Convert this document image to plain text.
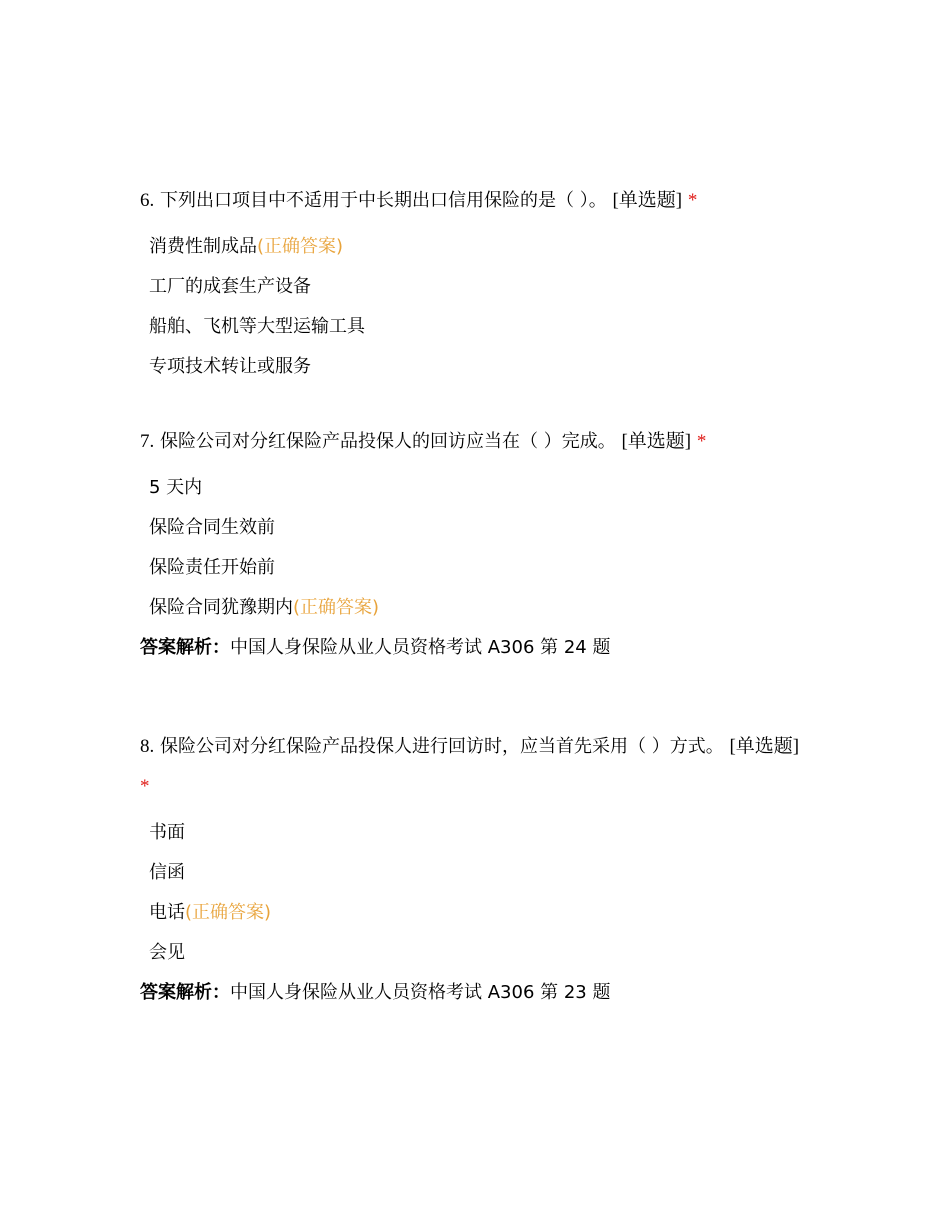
6. 下列出口项目中不适用于中长期出口信用保险的是（ ）。 [单选题] *
消费性制成品(正确答案)
工厂的成套生产设备
船舶、飞机等大型运输工具
专项技术转让或服务
7. 保险公司对分红保险产品投保人的回访应当在（ ）完成。 [单选题] *
5 天内
保险合同生效前
保险责任开始前
保险合同犹豫期内(正确答案)
答案解析：中国人身保险从业人员资格考试 A306 第 24 题
8. 保险公司对分红保险产品投保人进行回访时，应当首先采用（ ）方式。 [单选题] *
书面
信函
电话(正确答案)
会见
答案解析：中国人身保险从业人员资格考试 A306 第 23 题
